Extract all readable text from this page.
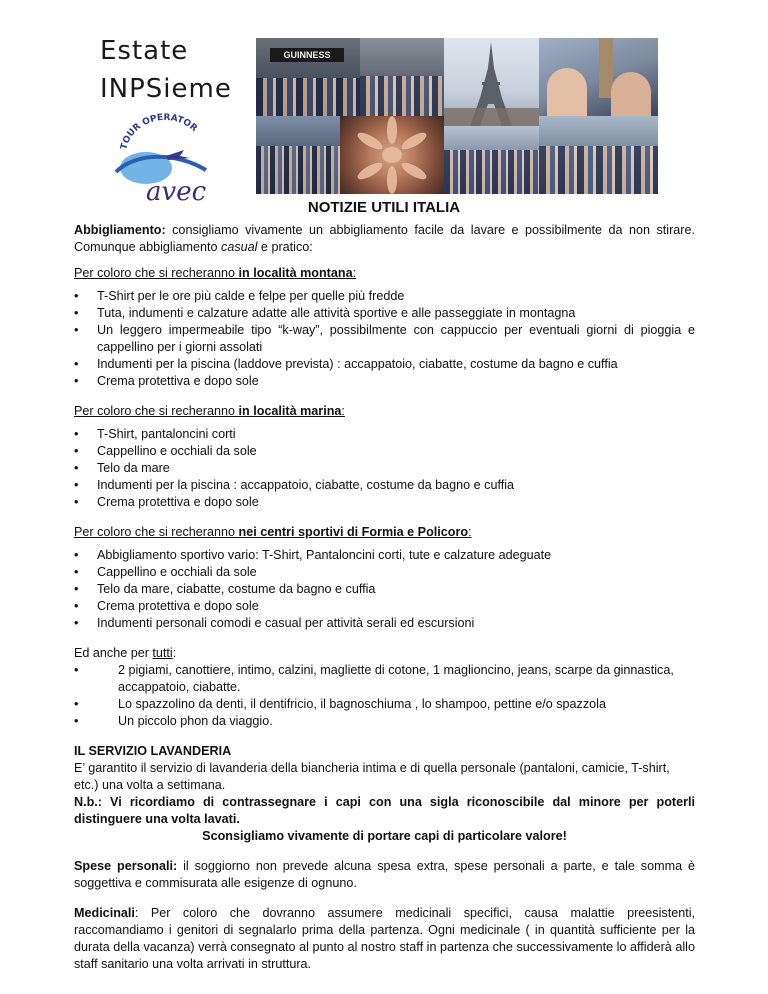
Estate
INPSieme
TOUR OPERATOR
avec
GUINNESS
NOTIZIE UTILI ITALIA

Abbigliamento: consigliamo vivamente un abbigliamento facile da lavare e possibilmente da non stirare. Comunque abbigliamento casual e pratico:

Per coloro che si recheranno in località montana:

• T-Shirt per le ore più calde e felpe per quelle più fredde
• Tuta, indumenti e calzature adatte alle attività sportive e alle passeggiate in montagna
• Un leggero impermeabile tipo “k-way”, possibilmente con cappuccio per eventuali giorni di pioggia e cappellino per i giorni assolati
• Indumenti per la piscina (laddove prevista) : accappatoio, ciabatte, costume da bagno e cuffia
• Crema protettiva e dopo sole

Per coloro che si recheranno in località marina:

• T-Shirt, pantaloncini corti
• Cappellino e occhiali da sole
• Telo da mare
• Indumenti per la piscina : accappatoio, ciabatte, costume da bagno e cuffia
• Crema protettiva e dopo sole

Per coloro che si recheranno nei centri sportivi di Formia e Policoro:

• Abbigliamento sportivo vario: T-Shirt, Pantaloncini corti, tute e calzature adeguate
• Cappellino e occhiali da sole
• Telo da mare, ciabatte, costume da bagno e cuffia
• Crema protettiva e dopo sole
• Indumenti personali comodi e casual per attività serali ed escursioni

Ed anche per tutti:

• 2 pigiami, canottiere, intimo, calzini, magliette di cotone, 1 maglioncino, jeans, scarpe da ginnastica, accappatoio, ciabatte.
• Lo spazzolino da denti, il dentifricio, il bagnoschiuma , lo shampoo, pettine e/o spazzola
• Un piccolo phon da viaggio.

IL SERVIZIO LAVANDERIA

E’ garantito il servizio di lavanderia della biancheria intima e di quella personale (pantaloni, camicie, T-shirt, etc.) una volta a settimana.

N.b.: Vi ricordiamo di contrassegnare i capi con una sigla riconoscibile dal minore per poterli distinguere una volta lavati.

Sconsigliamo vivamente di portare capi di particolare valore!

Spese personali: il soggiorno non prevede alcuna spesa extra, spese personali a parte, e tale somma è soggettiva e commisurata alle esigenze di ognuno.

Medicinali: Per coloro che dovranno assumere medicinali specifici, causa malattie preesistenti, raccomandiamo i genitori di segnalarlo prima della partenza. Ogni medicinale ( in quantità sufficiente per la durata della vacanza) verrà consegnato al punto al nostro staff in partenza che successivamente lo affiderà allo staff sanitario una volta arrivati in struttura.
